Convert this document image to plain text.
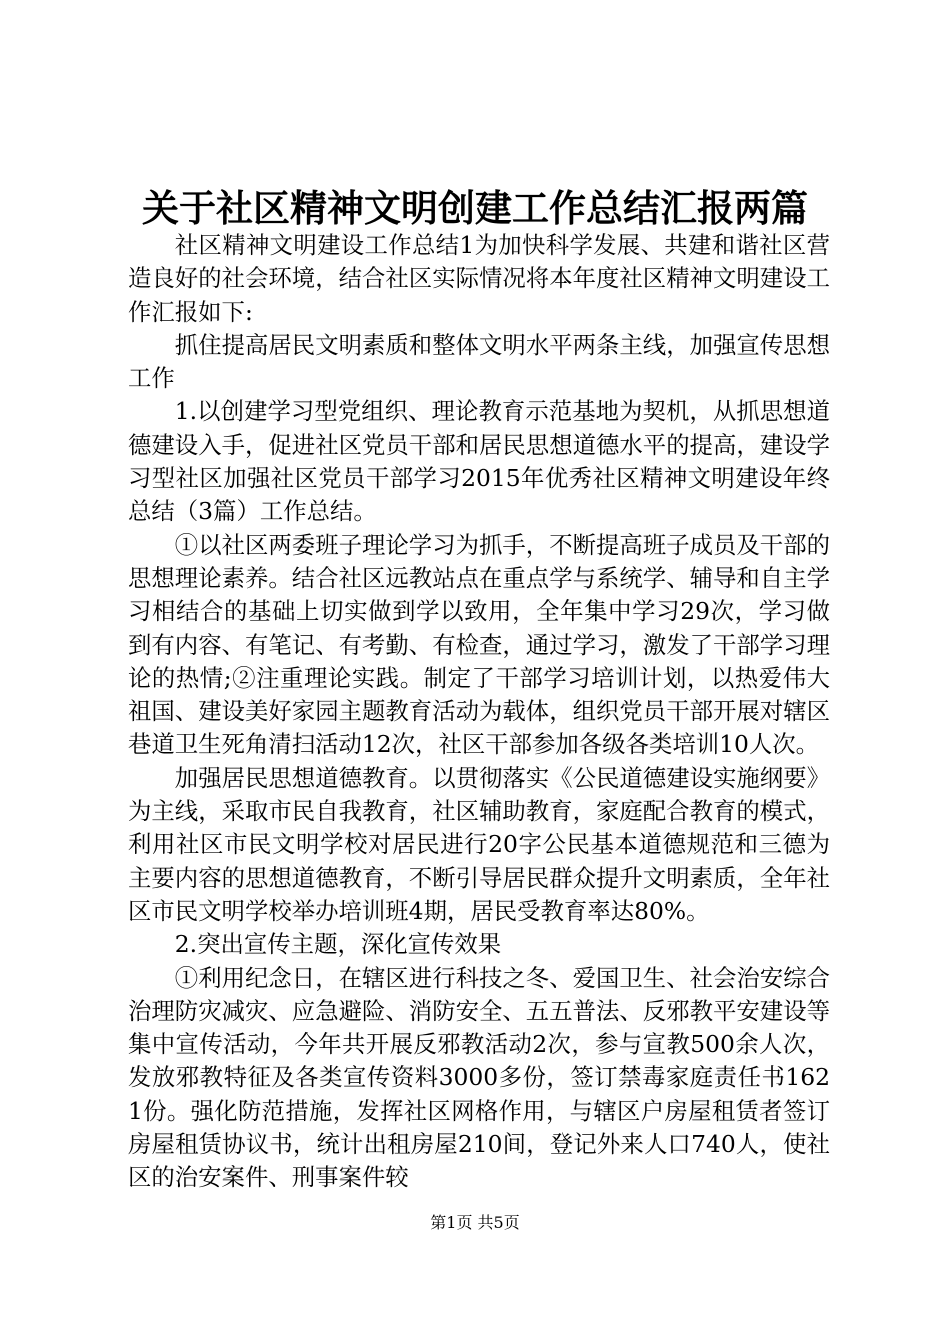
关于社区精神文明创建工作总结汇报两篇

社区精神文明建设工作总结1为加快科学发展、共建和谐社区营造良好的社会环境，结合社区实际情况将本年度社区精神文明建设工作汇报如下:

抓住提高居民文明素质和整体文明水平两条主线，加强宣传思想工作

1.以创建学习型党组织、理论教育示范基地为契机，从抓思想道德建设入手，促进社区党员干部和居民思想道德水平的提高，建设学习型社区加强社区党员干部学习2015年优秀社区精神文明建设年终总结（3篇）工作总结。

①以社区两委班子理论学习为抓手，不断提高班子成员及干部的思想理论素养。结合社区远教站点在重点学与系统学、辅导和自主学习相结合的基础上切实做到学以致用，全年集中学习29次，学习做到有内容、有笔记、有考勤、有检查，通过学习，激发了干部学习理论的热情;②注重理论实践。制定了干部学习培训计划，以热爱伟大祖国、建设美好家园主题教育活动为载体，组织党员干部开展对辖区巷道卫生死角清扫活动12次，社区干部参加各级各类培训10人次。

加强居民思想道德教育。以贯彻落实《公民道德建设实施纲要》为主线，采取市民自我教育，社区辅助教育，家庭配合教育的模式，利用社区市民文明学校对居民进行20字公民基本道德规范和三德为主要内容的思想道德教育，不断引导居民群众提升文明素质，全年社区市民文明学校举办培训班4期，居民受教育率达80%。

2.突出宣传主题，深化宣传效果

①利用纪念日，在辖区进行科技之冬、爱国卫生、社会治安综合治理防灾减灾、应急避险、消防安全、五五普法、反邪教平安建设等集中宣传活动，今年共开展反邪教活动2次，参与宣教500余人次，发放邪教特征及各类宣传资料3000多份，签订禁毒家庭责任书1621份。强化防范措施，发挥社区网格作用，与辖区户房屋租赁者签订房屋租赁协议书，统计出租房屋210间，登记外来人口740人，使社区的治安案件、刑事案件较

第1页 共5页
